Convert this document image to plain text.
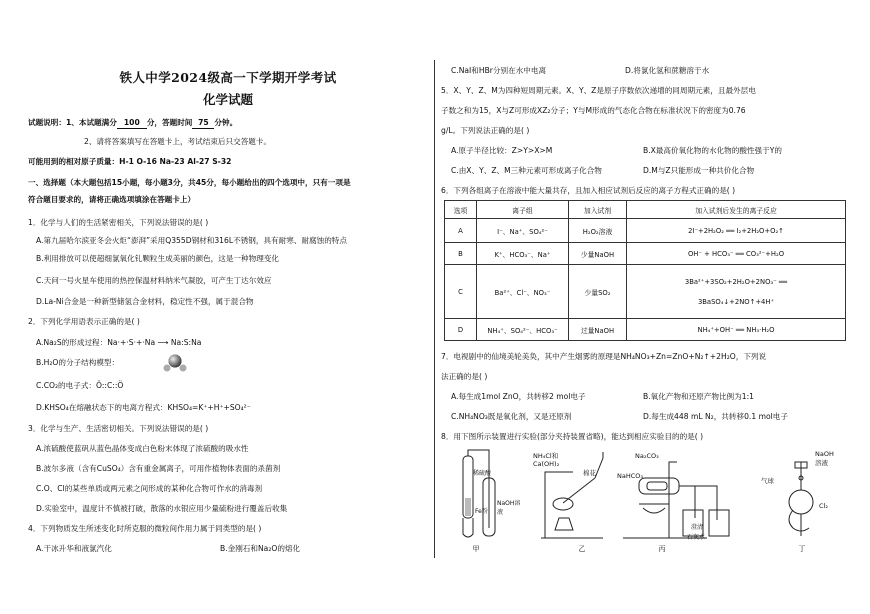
铁人中学2024级高一下学期开学考试
化学试题
试题说明：1、本试题满分 100 分，答题时间 75 分钟。
2、请将答案填写在答题卡上，考试结束后只交答题卡。
可能用到的相对原子质量：H-1 O-16 Na-23 Al-27 S-32
一、选择题（本大题包括15小题，每小题3分，共45分，每小题给出的四个选项中，只有一项是
符合题目要求的，请将正确选项填涂在答题卡上）
1．化学与人们的生活紧密相关，下列说法错误的是( )
A.第九届哈尔滨亚冬会火炬“澎湃”采用Q355D钢材和316L不锈钢，具有耐寒、耐腐蚀的特点
B.利用排放可以使超细氯氧化钆颗粒生成美丽的颜色，这是一种物理变化
C.天问一号火星车使用的热控保温材料纳米气凝胶，可产生丁达尔效应
D.La-Ni合金是一种新型储氢合金材料，稳定性不强，属于混合物
2．下列化学用语表示正确的是( )
A.Na₂S的形成过程：Na·+·S·+·Na ⟶ Na:S:Na
B.H₂O的分子结构模型：
C.CO₂的电子式：Ö::C::Ö
D.KHSO₄在熔融状态下的电离方程式：KHSO₄=K⁺+H⁺+SO₄²⁻
3．化学与生产、生活密切相关。下列说法错误的是( )
A.浓硫酸使蓝矾从蓝色晶体变成白色粉末体现了浓硫酸的吸水性
B.波尔多液（含有CuSO₄）含有重金属离子，可用作植物体表面的杀菌剂
C.O、Cl的某些单质或两元素之间形成的某种化合物可作水的消毒剂
D.实验室中，温度计不慎被打破，散落的水银应用少量硫粉进行覆盖后收集
4．下列物质发生所述变化时所克服的微粒间作用力属于同类型的是( )
A.干冰升华和液氯汽化	B.金刚石和Na₂O的熔化
C.NaI和HBr分别在水中电离	D.将氯化氢和蔗糖溶于水
5．X、Y、Z、M为四种短周期元素。X、Y、Z是原子序数依次递增的同周期元素，且最外层电
子数之和为15，X与Z可形成XZ₂分子；Y与M形成的气态化合物在标准状况下的密度为0.76
g/L。下列说法正确的是( )
A.原子半径比较：Z>Y>X>M	B.X最高价氧化物的水化物的酸性强于Y的
C.由X、Y、Z、M三种元素可形成离子化合物	D.M与Z只能形成一种共价化合物
6．下列各组离子在溶液中能大量共存，且加入相应试剂后反应的离子方程式正确的是( )
选项	离子组	加入试剂	加入试剂后发生的离子反应
A	I⁻、Na⁺、SO₄²⁻	H₂O₂溶液	2I⁻+2H₂O₂ ══ I₂+2H₂O+O₂↑
B	K⁺、HCO₃⁻、Na⁺	少量NaOH	OH⁻ + HCO₃⁻ ══ CO₃²⁻+H₂O
C	Ba²⁺、Cl⁻、NO₃⁻	少量SO₂	3Ba²⁺+3SO₂+2H₂O+2NO₃⁻ ══
3BaSO₄↓+2NO↑+4H⁺

D	NH₄⁺、SO₄²⁻、HCO₃⁻	过量NaOH	NH₄⁺+OH⁻ ══ NH₃·H₂O
7．电视剧中的仙境美轮美奂，其中产生烟雾的原理是NH₄NO₃+Zn=ZnO+N₂↑+2H₂O，下列说
法正确的是( )
A.每生成1mol ZnO，共转移2 mol电子	B.氧化产物和还原产物比例为1:1
C.NH₄NO₃既是氧化剂，又是还原剂	D.每生成448 mL N₂，共转移0.1 mol电子
8．用下图所示装置进行实验(部分夹持装置省略)，能达到相应实验目的的是( )
稀硫酸
Fe粉
NaOH溶液
甲
NH₄Cl和
Ca(OH)₂
棉花
乙
Na₂CO₃
NaHCO₃
澄清
石灰水
丙
NaOH
溶液
气球
Cl₂
丁
